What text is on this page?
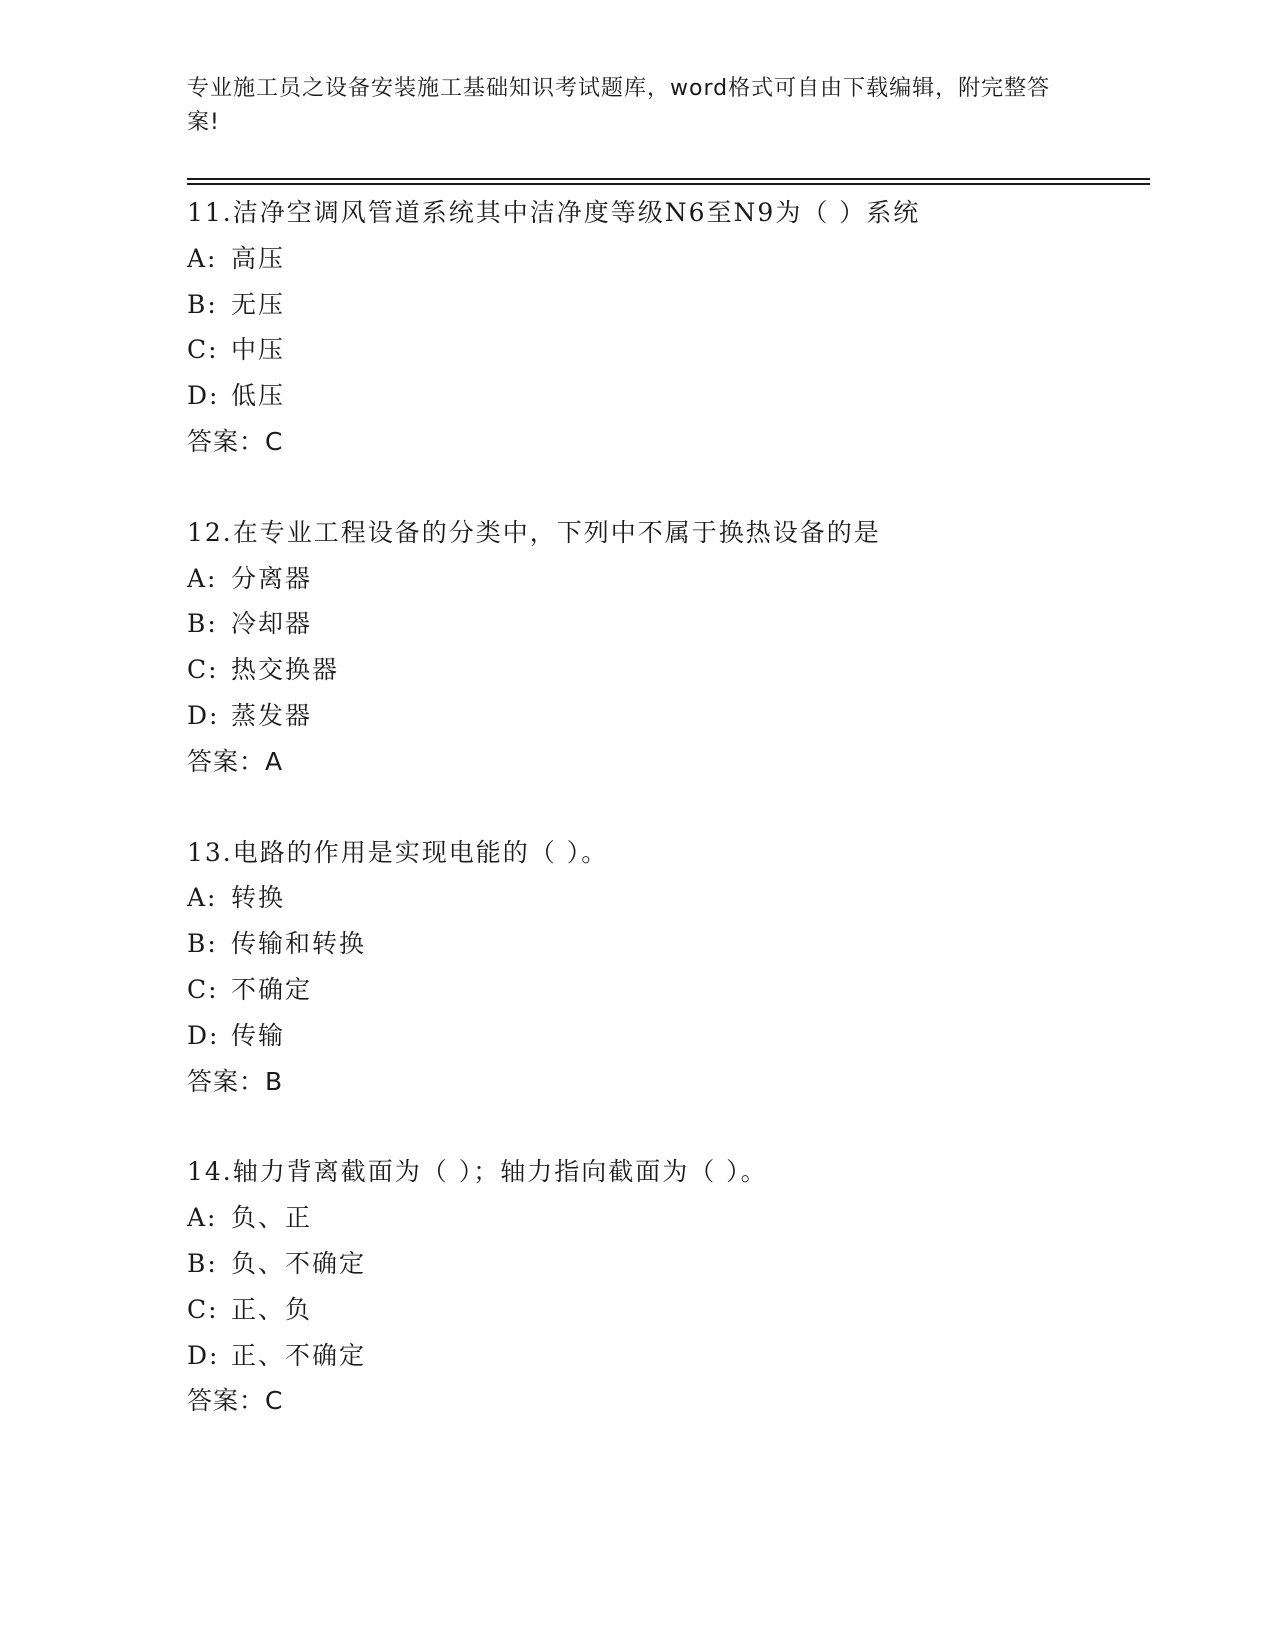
专业施工员之设备安装施工基础知识考试题库，word格式可自由下载编辑，附完整答案!
11.洁净空调风管道系统其中洁净度等级N6至N9为（ ）系统
A: 高压
B: 无压
C: 中压
D: 低压
答案：C
12.在专业工程设备的分类中，下列中不属于换热设备的是
A: 分离器
B: 冷却器
C: 热交换器
D: 蒸发器
答案：A
13.电路的作用是实现电能的（ ）。
A: 转换
B: 传输和转换
C: 不确定
D: 传输
答案：B
14.轴力背离截面为（ ）；轴力指向截面为（ ）。
A: 负、正
B: 负、不确定
C: 正、负
D: 正、不确定
答案：C
